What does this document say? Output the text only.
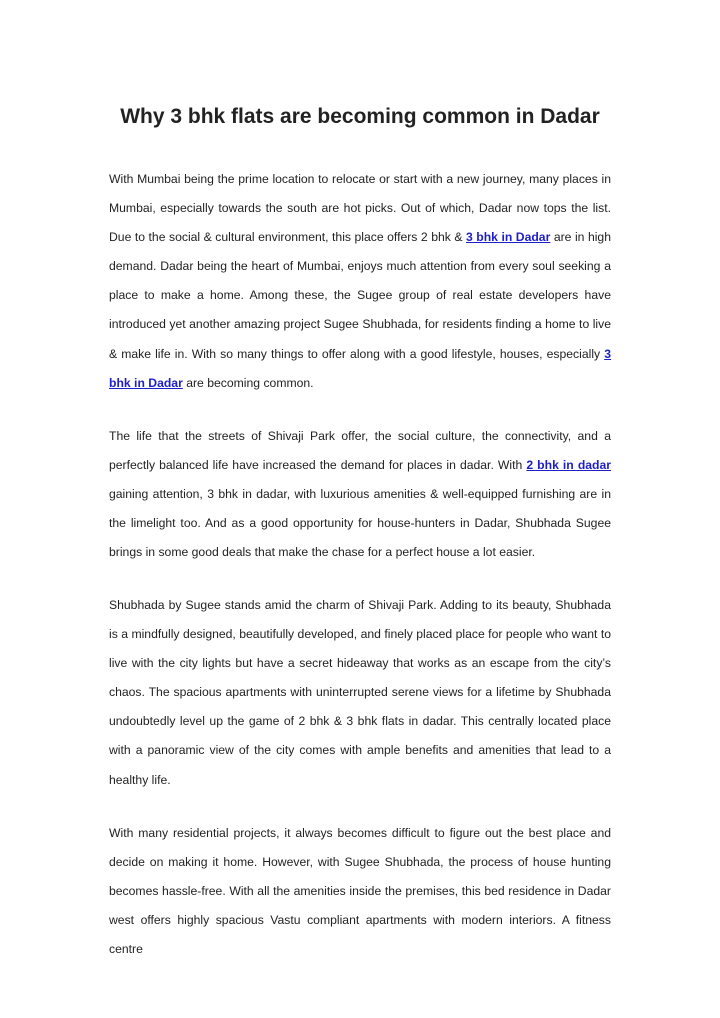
Why 3 bhk flats are becoming common in Dadar

With Mumbai being the prime location to relocate or start with a new journey, many places in Mumbai, especially towards the south are hot picks. Out of which, Dadar now tops the list. Due to the social & cultural environment, this place offers 2 bhk & 3 bhk in Dadar are in high demand. Dadar being the heart of Mumbai, enjoys much attention from every soul seeking a place to make a home. Among these, the Sugee group of real estate developers have introduced yet another amazing project Sugee Shubhada, for residents finding a home to live & make life in. With so many things to offer along with a good lifestyle, houses, especially 3 bhk in Dadar are becoming common.

The life that the streets of Shivaji Park offer, the social culture, the connectivity, and a perfectly balanced life have increased the demand for places in dadar. With 2 bhk in dadar gaining attention, 3 bhk in dadar, with luxurious amenities & well-equipped furnishing are in the limelight too. And as a good opportunity for house-hunters in Dadar, Shubhada Sugee brings in some good deals that make the chase for a perfect house a lot easier.

Shubhada by Sugee stands amid the charm of Shivaji Park. Adding to its beauty, Shubhada is a mindfully designed, beautifully developed, and finely placed place for people who want to live with the city lights but have a secret hideaway that works as an escape from the city’s chaos. The spacious apartments with uninterrupted serene views for a lifetime by Shubhada undoubtedly level up the game of 2 bhk & 3 bhk flats in dadar. This centrally located place with a panoramic view of the city comes with ample benefits and amenities that lead to a healthy life.

With many residential projects, it always becomes difficult to figure out the best place and decide on making it home. However, with Sugee Shubhada, the process of house hunting becomes hassle-free. With all the amenities inside the premises, this bed residence in Dadar west offers highly spacious Vastu compliant apartments with modern interiors. A fitness centre
